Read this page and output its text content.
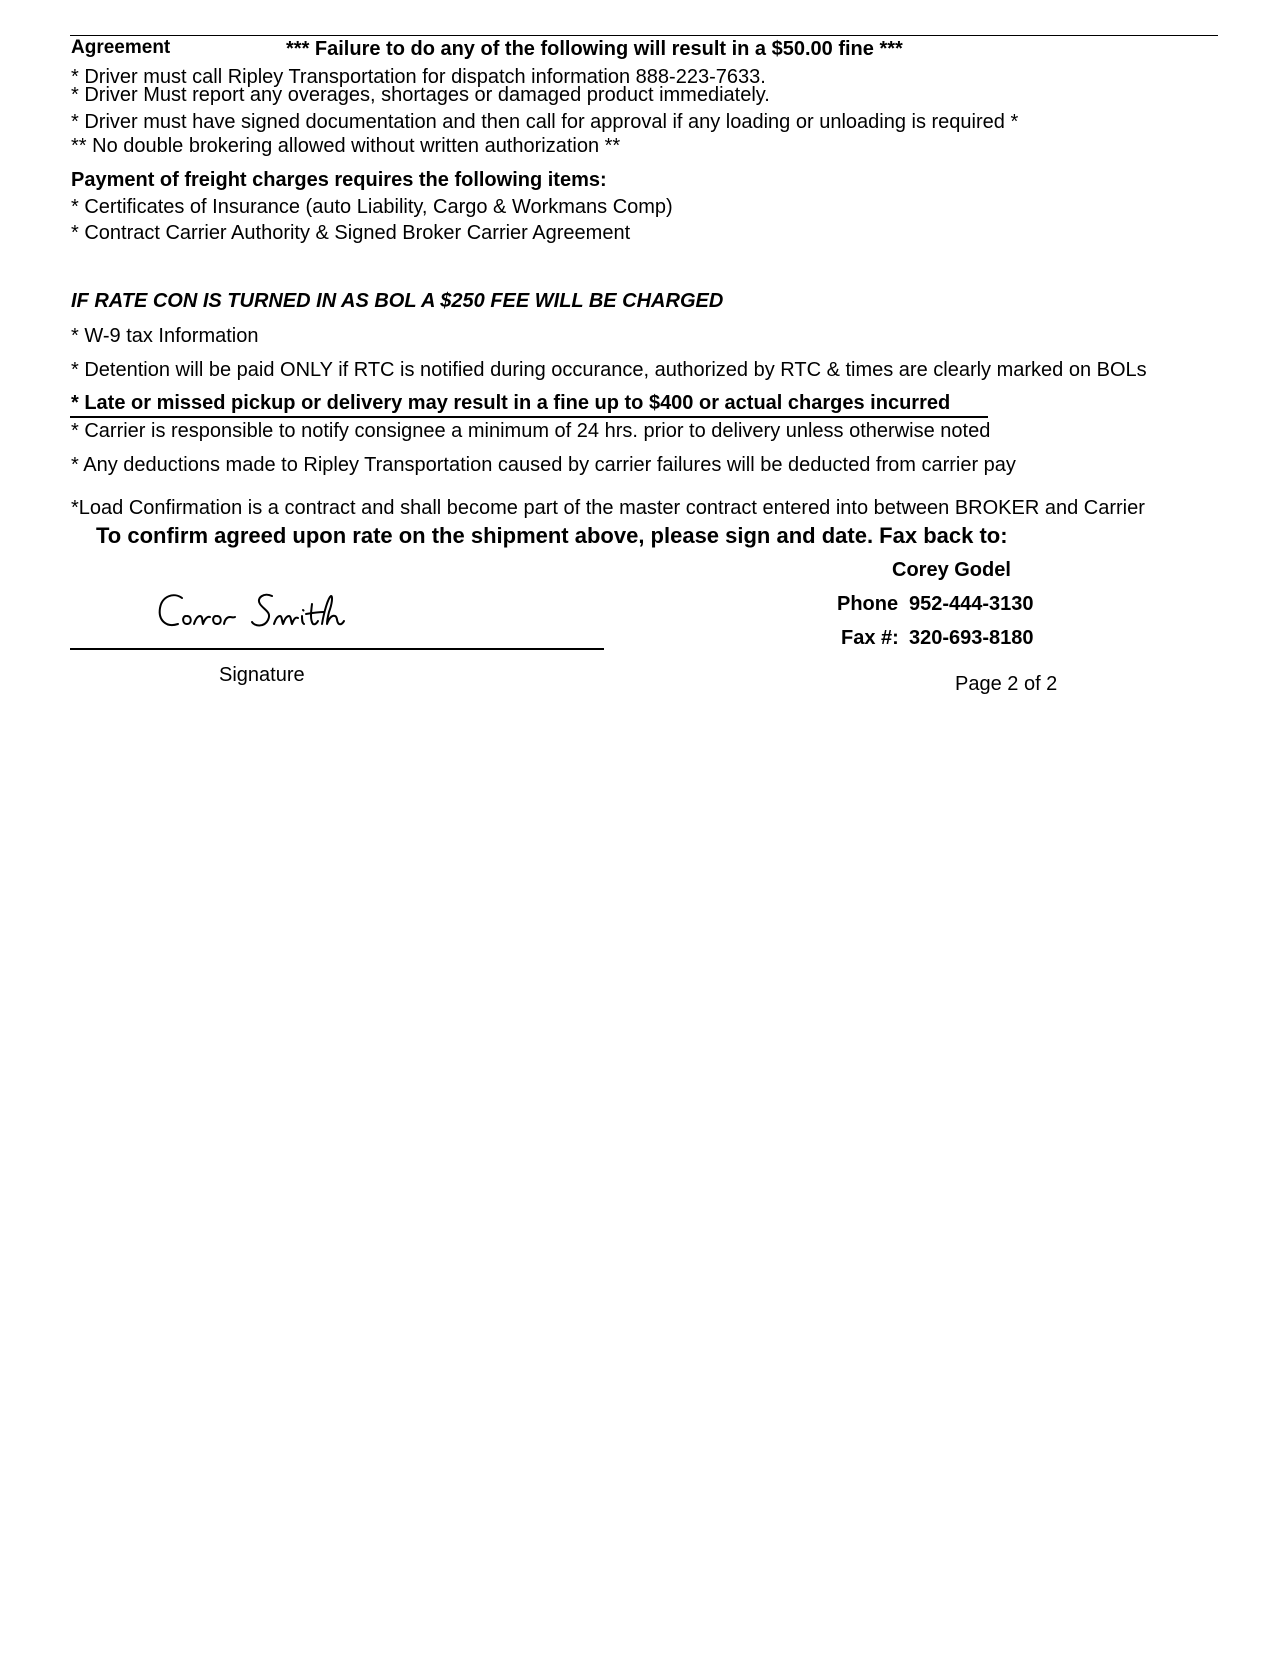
Agreement	*** Failure to do any of the following will result in a $50.00 fine ***
* Driver must call Ripley Transportation for dispatch information 888-223-7633.
* Driver Must report any overages, shortages or damaged product immediately.
* Driver must have signed documentation and then call for approval if any loading or unloading is required *
** No double brokering allowed without written authorization **
Payment of freight charges requires the following items:
* Certificates of Insurance (auto Liability, Cargo & Workmans Comp)
* Contract Carrier Authority & Signed Broker Carrier Agreement
IF RATE CON IS TURNED IN AS BOL A $250 FEE WILL BE CHARGED
* W-9 tax Information
* Detention will be paid ONLY if RTC is notified during occurance, authorized by RTC & times are clearly marked on BOLs
* Late or missed pickup or delivery may result in a fine up to $400 or actual charges incurred
* Carrier is responsible to notify consignee a minimum of 24 hrs. prior to delivery unless otherwise noted
* Any deductions made to Ripley Transportation caused by carrier failures will be deducted from carrier pay
*Load Confirmation is a contract and shall become part of the master contract entered into between BROKER and Carrier
To confirm agreed upon rate on the shipment above, please sign and date. Fax back to:
Corey Godel
Phone 952-444-3130
Fax #: 320-693-8180
Signature	Page 2 of 2
